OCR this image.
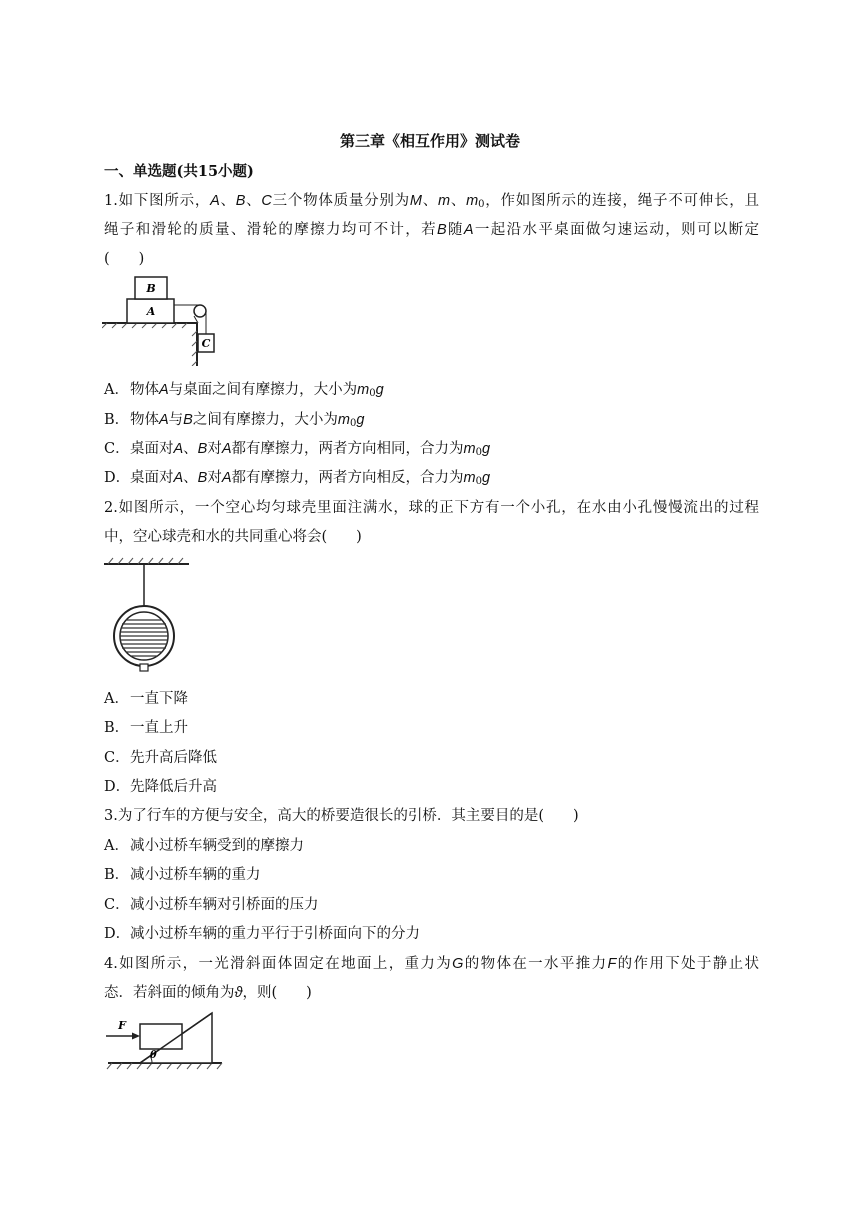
第三章《相互作用》测试卷
一、单选题(共15小题)
1.如下图所示，A、B、C三个物体质量分别为M、m、$m_0$，作如图所示的连接，绳子不可伸长，且
绳子和滑轮的质量、滑轮的摩擦力均可不计，若B随A一起沿水平桌面做匀速运动，则可以断定
(　　)
B
A
C
A．物体A与桌面之间有摩擦力，大小为$m_0g$
B．物体A与B之间有摩擦力，大小为$m_0g$
C．桌面对A、B对A都有摩擦力，两者方向相同，合力为$m_0g$
D．桌面对A、B对A都有摩擦力，两者方向相反，合力为$m_0g$
2.如图所示，一个空心均匀球壳里面注满水，球的正下方有一个小孔，在水由小孔慢慢流出的过程
中，空心球壳和水的共同重心将会(　　)
A．一直下降
B．一直上升
C．先升高后降低
D．先降低后升高
3.为了行车的方便与安全，高大的桥要造很长的引桥．其主要目的是(　　)
A．减小过桥车辆受到的摩擦力
B．减小过桥车辆的重力
C．减小过桥车辆对引桥面的压力
D．减小过桥车辆的重力平行于引桥面向下的分力
4.如图所示，一光滑斜面体固定在地面上，重力为G的物体在一水平推力F的作用下处于静止状
态．若斜面的倾角为ϑ，则(　　)
F
θ
